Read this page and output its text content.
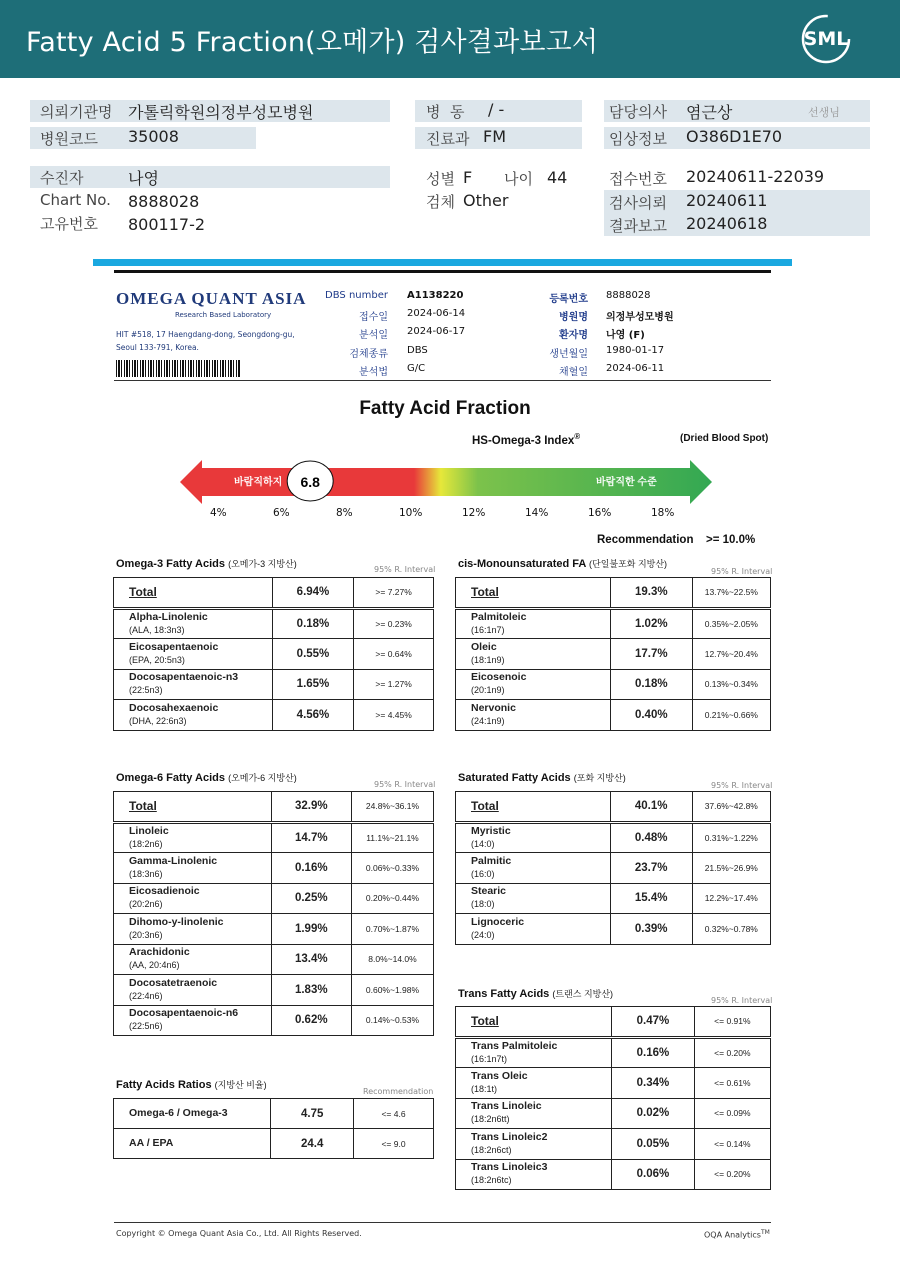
Fatty Acid 5 Fraction(오메가) 검사결과보고서	SML
의뢰기관명 가톨릭학원의정부성모병원
병원코드 35008
병  동 / -
진료과 FM
담당의사 염근상	선생님
임상정보 O386D1E70
수진자	나영
Chart No. 8888028
고유번호 800117-2
성별 F 나이 44
검체 Other
접수번호 20240611-22039
검사의뢰 20240611
결과보고 20240618
OMEGA QUANT ASIA
Research Based Laboratory
HIT #518, 17 Haengdang-dong, Seongdong-gu,
Seoul 133-791, Korea.
DBS number A1138220
접수일 2024-06-14
분석일 2024-06-17
검체종류 DBS
분석법 G/C
등록번호 8888028
병원명 의정부성모병원
환자명 나영 (F)
생년월일 1980-01-17
채혈일 2024-06-11
Fatty Acid Fraction
HS-Omega-3 Index®	(Dried Blood Spot)
바람직하지	바람직한 수준
6.8
4%	6%	8%	10%	12%	14%	16%	18%
Recommendation >= 10.0%
Omega-3 Fatty Acids (오메가-3 지방산)
95% R. Interval
Total	6.94%	>= 7.27%
Alpha-Linolenic
(ALA, 18:3n3)	0.18%	>= 0.23%
Eicosapentaenoic
(EPA, 20:5n3)	0.55%	>= 0.64%
Docosapentaenoic-n3
(22:5n3)	1.65%	>= 1.27%
Docosahexaenoic
(DHA, 22:6n3)	4.56%	>= 4.45%
cis-Monounsaturated FA (단일불포화 지방산)
95% R. Interval
Total	19.3%	13.7%~22.5%
Palmitoleic
(16:1n7)	1.02%	0.35%~2.05%
Oleic
(18:1n9)	17.7%	12.7%~20.4%
Eicosenoic
(20:1n9)	0.18%	0.13%~0.34%
Nervonic
(24:1n9)	0.40%	0.21%~0.66%
Omega-6 Fatty Acids (오메가-6 지방산)
95% R. Interval
Total	32.9%	24.8%~36.1%
Linoleic
(18:2n6)	14.7%	11.1%~21.1%
Gamma-Linolenic
(18:3n6)	0.16%	0.06%~0.33%
Eicosadienoic
(20:2n6)	0.25%	0.20%~0.44%
Dihomo-y-linolenic
(20:3n6)	1.99%	0.70%~1.87%
Arachidonic
(AA, 20:4n6)	13.4%	8.0%~14.0%
Docosatetraenoic
(22:4n6)	1.83%	0.60%~1.98%
Docosapentaenoic-n6
(22:5n6)	0.62%	0.14%~0.53%
Saturated Fatty Acids (포화 지방산)
95% R. Interval
Total	40.1%	37.6%~42.8%
Myristic
(14:0)	0.48%	0.31%~1.22%
Palmitic
(16:0)	23.7%	21.5%~26.9%
Stearic
(18:0)	15.4%	12.2%~17.4%
Lignoceric
(24:0)	0.39%	0.32%~0.78%
Trans Fatty Acids (트랜스 지방산)
95% R. Interval
Total	0.47%	<= 0.91%
Trans Palmitoleic
(16:1n7t)	0.16%	<= 0.20%
Trans Oleic
(18:1t)	0.34%	<= 0.61%
Trans Linoleic
(18:2n6tt)	0.02%	<= 0.09%
Trans Linoleic2
(18:2n6ct)	0.05%	<= 0.14%
Trans Linoleic3
(18:2n6tc)	0.06%	<= 0.20%
Fatty Acids Ratios (지방산 비율)
Recommendation
Omega-6 / Omega-3	4.75	<= 4.6
AA / EPA	24.4	<= 9.0
Copyright © Omega Quant Asia Co., Ltd. All Rights Reserved.	OQA Analytics™
